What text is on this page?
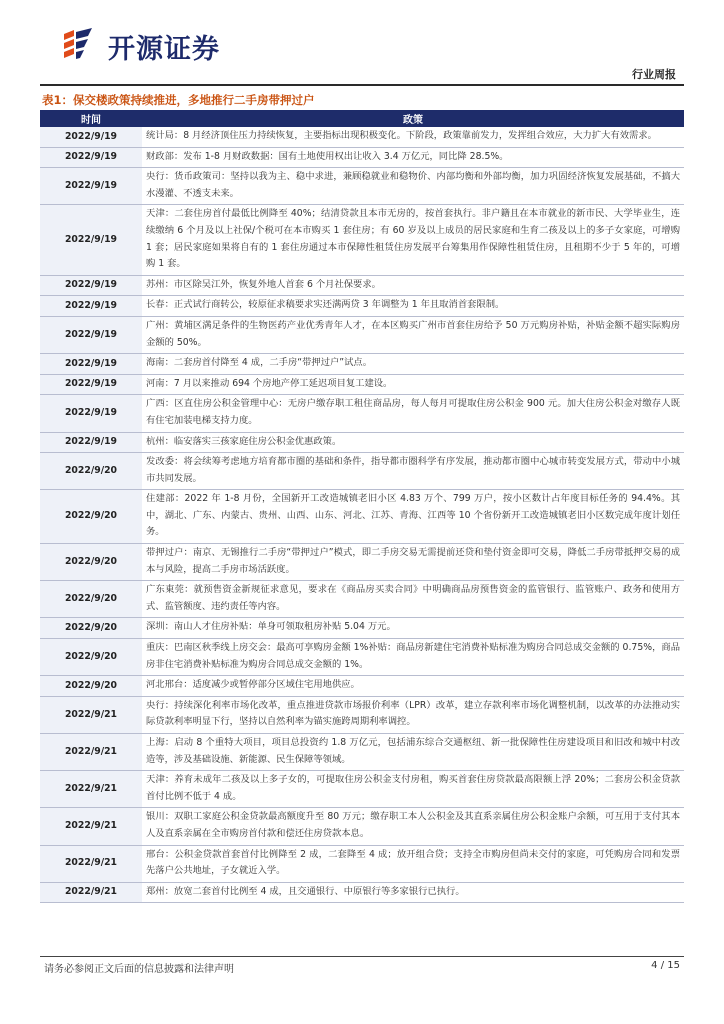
开源证券
行业周报
表1：保交楼政策持续推进，多地推行二手房带押过户
时间	政策
2022/9/19	统计局：8 月经济顶住压力持续恢复，主要指标出现积极变化。下阶段，政策靠前发力，发挥组合效应，大力扩大有效需求。
2022/9/19	财政部：发布 1-8 月财政数据：国有土地使用权出让收入 3.4 万亿元，同比降 28.5%。
2022/9/19	央行：货币政策司：坚持以我为主、稳中求进，兼顾稳就业和稳物价、内部均衡和外部均衡，加力巩固经济恢复发展基础，不搞大水漫灌、不透支未来。
2022/9/19	天津：二套住房首付最低比例降至 40%；结清贷款且本市无房的，按首套执行。非户籍且在本市就业的新市民、大学毕业生，连续缴纳 6 个月及以上社保/个税可在本市购买 1 套住房；有 60 岁及以上成员的居民家庭和生育二孩及以上的多子女家庭，可增购 1 套；居民家庭如果将自有的 1 套住房通过本市保障性租赁住房发展平台筹集用作保障性租赁住房，且租期不少于 5 年的，可增购 1 套。
2022/9/19	苏州：市区除吴江外，恢复外地人首套 6 个月社保要求。
2022/9/19	长春：正式试行商转公，较原征求稿要求实还满两贷 3 年调整为 1 年且取消首套限制。
2022/9/19	广州：黄埔区满足条件的生物医药产业优秀青年人才，在本区购买广州市首套住房给予 50 万元购房补贴，补贴金额不超实际购房金额的 50%。
2022/9/19	海南：二套房首付降至 4 成，二手房“带押过户”试点。
2022/9/19	河南：7 月以来推动 694 个房地产停工延迟项目复工建设。
2022/9/19	广西：区直住房公积金管理中心：无房户缴存职工租住商品房，每人每月可提取住房公积金 900 元。加大住房公积金对缴存人既有住宅加装电梯支持力度。
2022/9/19	杭州：临安落实三孩家庭住房公积金优惠政策。
2022/9/20	发改委：将会续筹考虑地方培育都市圈的基础和条件，指导都市圈科学有序发展，推动都市圈中心城市转变发展方式，带动中小城市共同发展。
2022/9/20	住建部：2022 年 1-8 月份，全国新开工改造城镇老旧小区 4.83 万个、799 万户，按小区数计占年度目标任务的 94.4%。其中，湖北、广东、内蒙古、贵州、山西、山东、河北、江苏、青海、江西等 10 个省份新开工改造城镇老旧小区数完成年度计划任务。
2022/9/20	带押过户：南京、无锡推行二手房“带押过户”模式，即二手房交易无需提前还贷和垫付资金即可交易，降低二手房带抵押交易的成本与风险，提高二手房市场活跃度。
2022/9/20	广东東莞：就预售资金新规征求意见，要求在《商品房买卖合同》中明确商品房预售资金的监管银行、监管账户、政务和使用方式、监管额度、违约责任等内容。
2022/9/20	深圳：南山人才住房补贴：单身可领取租房补贴 5.04 万元。
2022/9/20	重庆：巴南区秋季线上房交会：最高可享购房金额 1%补贴：商品房新建住宅消费补贴标准为购房合同总成交金额的 0.75%，商品房非住宅消费补贴标准为购房合同总成交金额的 1%。
2022/9/20	河北邢台：适度减少或暂停部分区域住宅用地供应。
2022/9/21	央行：持续深化利率市场化改革，重点推进贷款市场报价利率（LPR）改革，建立存款利率市场化调整机制，以改革的办法推动实际贷款利率明显下行，坚持以自然利率为锚实施跨周期利率调控。
2022/9/21	上海：启动 8 个重特大项目，项目总投资约 1.8 万亿元，包括浦东综合交通枢纽、新一批保障性住房建设项目和旧改和城中村改造等，涉及基础设施、新能源、民生保障等领域。
2022/9/21	天津：养育未成年二孩及以上多子女的，可提取住房公积金支付房租，购买首套住房贷款最高限额上浮 20%；二套房公积金贷款首付比例不低于 4 成。
2022/9/21	银川：双职工家庭公积金贷款最高额度升至 80 万元；缴存职工本人公积金及其直系亲属住房公积金账户余额，可互用于支付其本人及直系亲属在全市购房首付款和偿还住房贷款本息。
2022/9/21	邢台：公积金贷款首套首付比例降至 2 成，二套降至 4 成；放开组合贷；支持全市购房但尚未交付的家庭，可凭购房合同和发票先落户公共地址，子女就近入学。
2022/9/21	郑州：放宽二套首付比例至 4 成，且交通银行、中原银行等多家银行已执行。
请务必参阅正文后面的信息披露和法律声明	4 / 15
